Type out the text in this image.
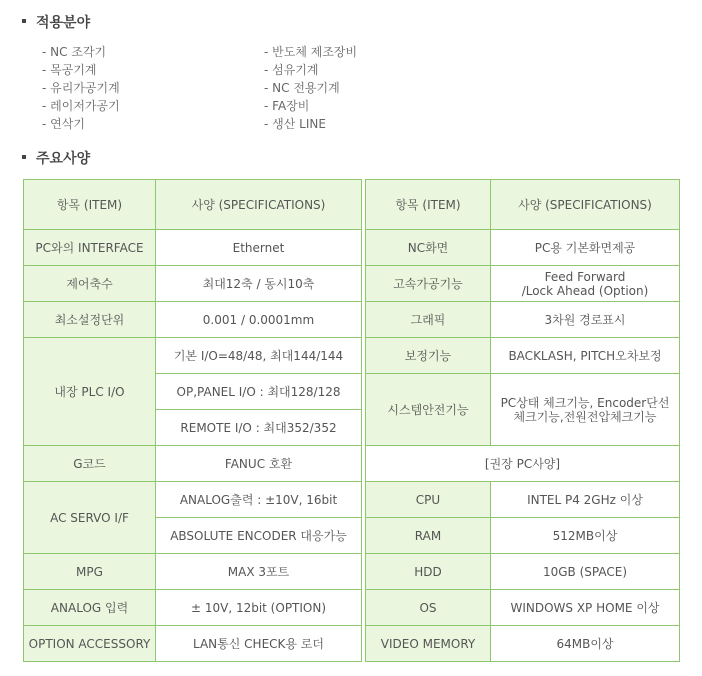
적용분야
- NC 조각기
- 목공기계
- 유리가공기계
- 레이저가공기
- 연삭기
- 반도체 제조장비
- 섬유기계
- NC 전용기계
- FA장비
- 생산 LINE
주요사양
항목 (ITEM)	사양 (SPECIFICATIONS)
PC와의 INTERFACE	Ethernet
제어축수	최대12축 / 동시10축
최소설정단위	0.001 / 0.0001mm
내장 PLC I/O	기본 I/O=48/48, 최대144/144
	OP,PANEL I/O : 최대128/128
	REMOTE I/O : 최대352/352
G코드	FANUC 호환
AC SERVO I/F	ANALOG출력 : ±10V, 16bit
	ABSOLUTE ENCODER 대응가능
MPG	MAX 3포트
ANALOG 입력	± 10V, 12bit (OPTION)
OPTION ACCESSORY	LAN통신 CHECK용 로더
항목 (ITEM)	사양 (SPECIFICATIONS)
NC화면	PC용 기본화면제공
고속가공기능	Feed Forward
/Lock Ahead (Option)

그래픽	3차원 경로표시
보정기능	BACKLASH, PITCH오차보정
시스템안전기능	PC상태 체크기능, Encoder단선
체크기능,전원전압체크기능

[권장 PC사양]	
CPU	INTEL P4 2GHz 이상
RAM	512MB이상
HDD	10GB (SPACE)
OS	WINDOWS XP HOME 이상
VIDEO MEMORY	64MB이상
